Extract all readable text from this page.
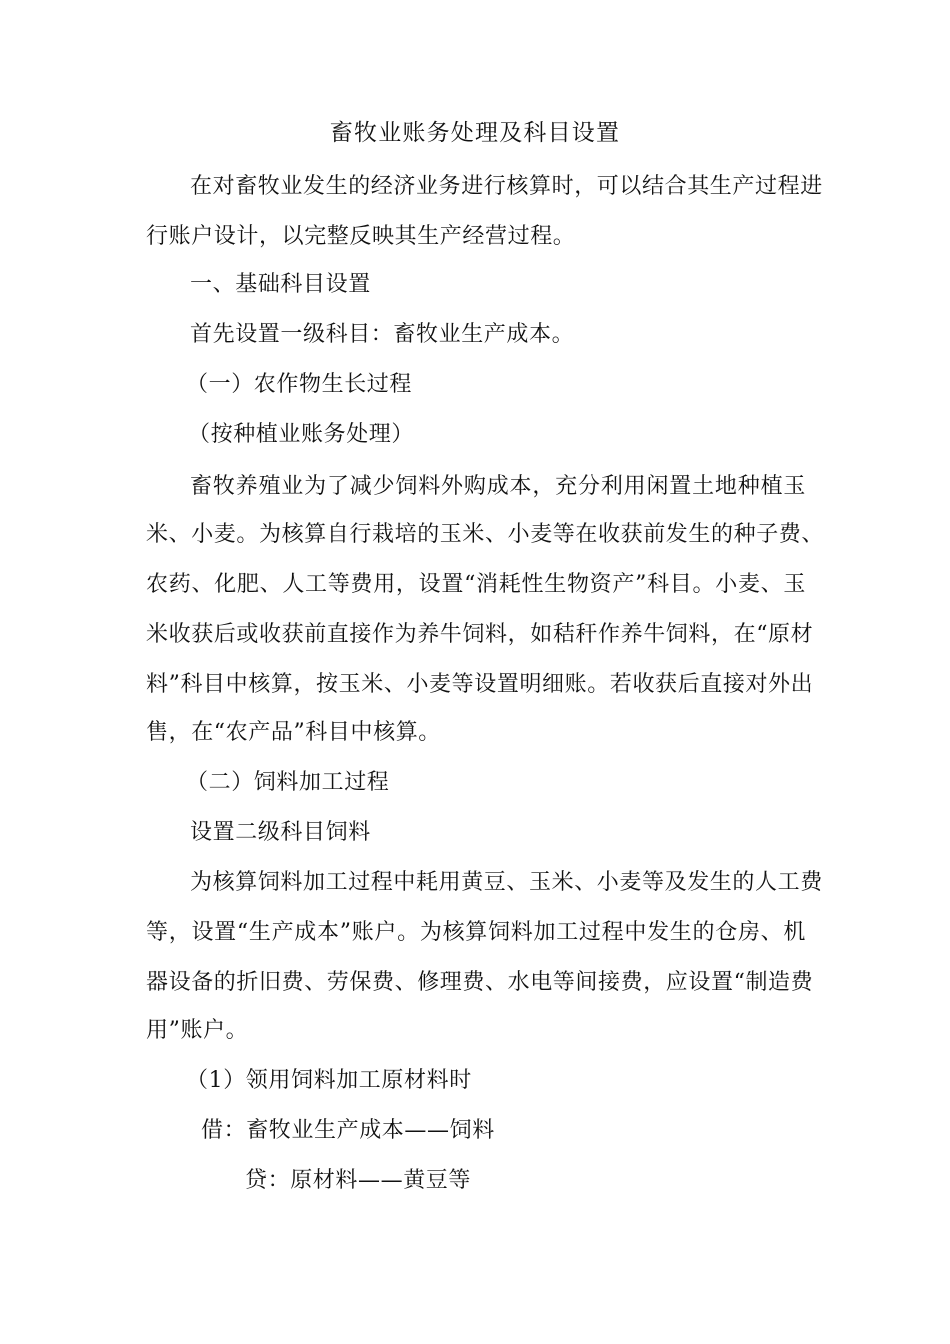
畜牧业账务处理及科目设置
在对畜牧业发生的经济业务进行核算时，可以结合其生产过程进
行账户设计，以完整反映其生产经营过程。
一、基础科目设置
首先设置一级科目：畜牧业生产成本。
（一）农作物生长过程
（按种植业账务处理）
畜牧养殖业为了减少饲料外购成本，充分利用闲置土地种植玉
米、小麦。为核算自行栽培的玉米、小麦等在收获前发生的种子费、
农药、化肥、人工等费用，设置“消耗性生物资产”科目。小麦、玉
米收获后或收获前直接作为养牛饲料，如秸秆作养牛饲料，在“原材
料”科目中核算，按玉米、小麦等设置明细账。若收获后直接对外出
售，在“农产品”科目中核算。
（二）饲料加工过程
设置二级科目饲料
为核算饲料加工过程中耗用黄豆、玉米、小麦等及发生的人工费
等，设置“生产成本”账户。为核算饲料加工过程中发生的仓房、机
器设备的折旧费、劳保费、修理费、水电等间接费，应设置“制造费
用”账户。
（1）领用饲料加工原材料时
借：畜牧业生产成本——饲料
贷：原材料——黄豆等
